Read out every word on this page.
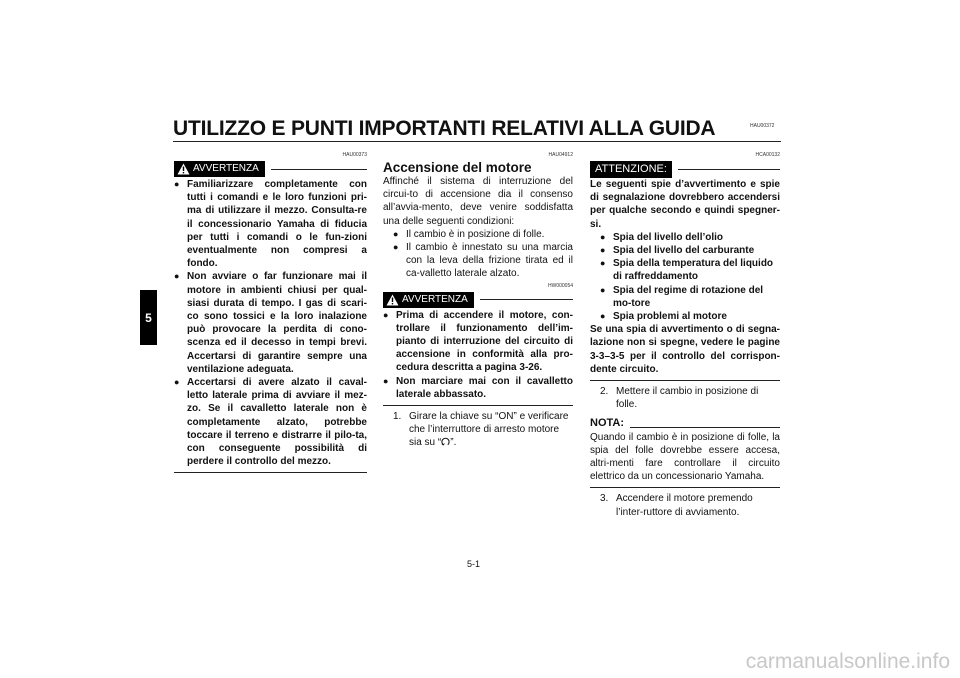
UTILIZZO E PUNTI IMPORTANTI RELATIVI ALLA GUIDA	HAU00372
5
HAU00373
AVVERTENZA
● Familiarizzare completamente con tutti i comandi e le loro funzioni pri-ma di utilizzare il mezzo. Consulta-re il concessionario Yamaha di fiducia per tutti i comandi o le fun-zioni eventualmente non compresi a fondo.
● Non avviare o far funzionare mai il motore in ambienti chiusi per qual-siasi durata di tempo. I gas di scari-co sono tossici e la loro inalazione può provocare la perdita di cono-scenza ed il decesso in tempi brevi. Accertarsi di garantire sempre una ventilazione adeguata.
● Accertarsi di avere alzato il caval-letto laterale prima di avviare il mez-zo. Se il cavalletto laterale non è completamente alzato, potrebbe toccare il terreno e distrarre il pilo-ta, con conseguente possibilità di perdere il controllo del mezzo.
HAU04912
Accensione del motore
Affinché il sistema di interruzione del circui-to di accensione dia il consenso all’avvia-mento, deve venire soddisfatta una delle seguenti condizioni:
● Il cambio è in posizione di folle.
● Il cambio è innestato su una marcia con la leva della frizione tirata ed il ca-valletto laterale alzato.
HW000054
AVVERTENZA
● Prima di accendere il motore, con-trollare il funzionamento dell’im-pianto di interruzione del circuito di accensione in conformità alla pro-cedura descritta a pagina 3-26.
● Non marciare mai con il cavalletto laterale abbassato.
1. Girare la chiave su “ON” e verificare che l’interruttore di arresto motore sia su “ ”.
HCA00132
ATTENZIONE:
Le seguenti spie d’avvertimento e spie di segnalazione dovrebbero accendersi per qualche secondo e quindi spegner-si.
● Spia del livello dell’olio
● Spia del livello del carburante
● Spia della temperatura del liquido di raffreddamento
● Spia del regime di rotazione del mo-tore
● Spia problemi al motore
Se una spia di avvertimento o di segna-lazione non si spegne, vedere le pagine 3-3–3-5 per il controllo del corrispon-dente circuito.
2. Mettere il cambio in posizione di folle.
NOTA:
Quando il cambio è in posizione di folle, la spia del folle dovrebbe essere accesa, altri-menti fare controllare il circuito elettrico da un concessionario Yamaha.
3. Accendere il motore premendo l’inter-ruttore di avviamento.
5-1
carmanualsonline.info
